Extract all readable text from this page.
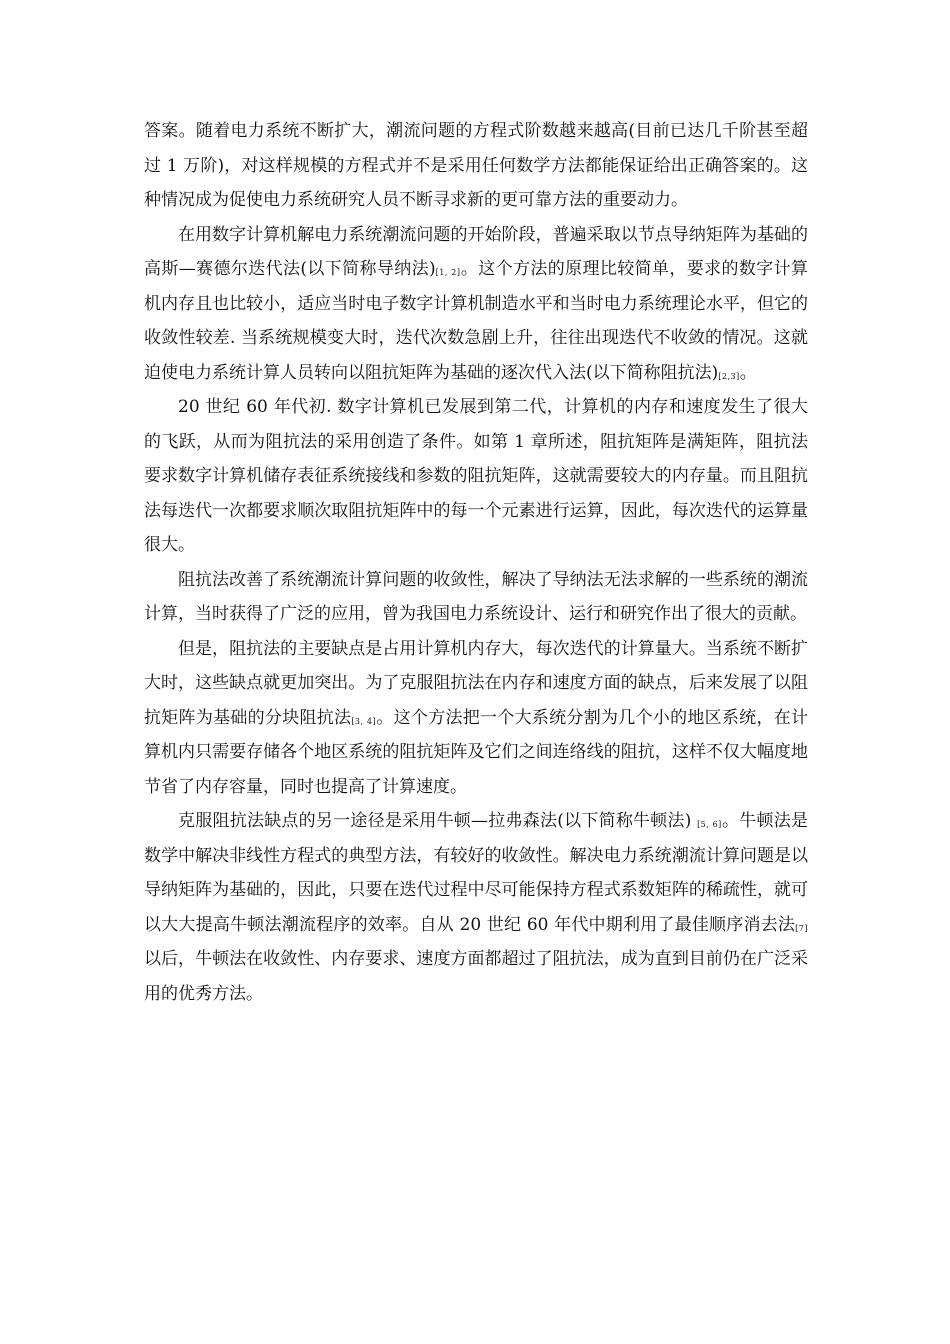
答案。随着电力系统不断扩大，潮流问题的方程式阶数越来越高(目前已达几千阶甚至超过 1 万阶)，对这样规模的方程式并不是采用任何数学方法都能保证给出正确答案的。这种情况成为促使电力系统研究人员不断寻求新的更可靠方法的重要动力。

在用数字计算机解电力系统潮流问题的开始阶段，普遍采取以节点导纳矩阵为基础的高斯—赛德尔迭代法(以下简称导纳法)[1, 2]。这个方法的原理比较简单，要求的数字计算机内存且也比较小，适应当时电子数字计算机制造水平和当时电力系统理论水平，但它的收敛性较差. 当系统规模变大时，迭代次数急剧上升，往往出现迭代不收敛的情况。这就迫使电力系统计算人员转向以阻抗矩阵为基础的逐次代入法(以下简称阻抗法)[2,3]。

20 世纪 60 年代初. 数字计算机已发展到第二代，计算机的内存和速度发生了很大的飞跃，从而为阻抗法的采用创造了条件。如第 1 章所述，阻抗矩阵是满矩阵，阻抗法要求数字计算机储存表征系统接线和参数的阻抗矩阵，这就需要较大的内存量。而且阻抗法每迭代一次都要求顺次取阻抗矩阵中的每一个元素进行运算，因此，每次迭代的运算量很大。

阻抗法改善了系统潮流计算问题的收敛性，解决了导纳法无法求解的一些系统的潮流计算，当时获得了广泛的应用，曾为我国电力系统设计、运行和研究作出了很大的贡献。

但是，阻抗法的主要缺点是占用计算机内存大，每次迭代的计算量大。当系统不断扩大时，这些缺点就更加突出。为了克服阻抗法在内存和速度方面的缺点，后来发展了以阻抗矩阵为基础的分块阻抗法[3, 4]。这个方法把一个大系统分割为几个小的地区系统，在计算机内只需要存储各个地区系统的阻抗矩阵及它们之间连络线的阻抗，这样不仅大幅度地节省了内存容量，同时也提高了计算速度。

克服阻抗法缺点的另一途径是采用牛顿—拉弗森法(以下简称牛顿法) [5, 6]。牛顿法是数学中解决非线性方程式的典型方法，有较好的收敛性。解决电力系统潮流计算问题是以导纳矩阵为基础的，因此，只要在迭代过程中尽可能保持方程式系数矩阵的稀疏性，就可以大大提高牛顿法潮流程序的效率。自从 20 世纪 60 年代中期利用了最佳顺序消去法[7]以后，牛顿法在收敛性、内存要求、速度方面都超过了阻抗法，成为直到目前仍在广泛采用的优秀方法。
